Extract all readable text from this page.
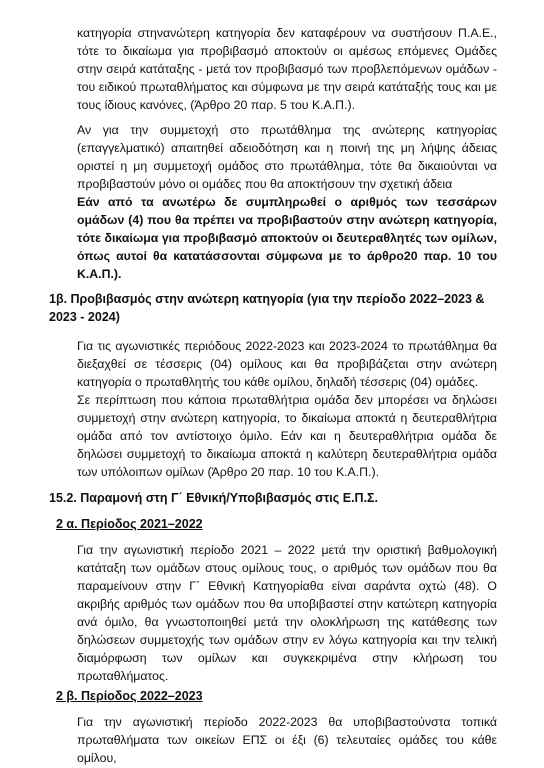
κατηγορία στηνανώτερη κατηγορία δεν καταφέρουν να συστήσουν Π.Α.Ε., τότε το δικαίωμα για προβιβασμό αποκτούν οι αμέσως επόμενες Ομάδες στην σειρά κατάταξης - μετά τον προβιβασμό των προβλεπόμενων ομάδων - του ειδικού πρωταθλήματος και σύμφωνα με την σειρά κατάταξής τους και με τους ίδιους κανόνες, (Άρθρο 20 παρ. 5 του Κ.Α.Π.).

Αν για την συμμετοχή στο πρωτάθλημα της ανώτερης κατηγορίας (επαγγελματικό) απαιτηθεί αδειοδότηση και η ποινή της μη λήψης άδειας οριστεί η μη συμμετοχή ομάδος στο πρωτάθλημα, τότε θα δικαιούνται να προβιβαστούν μόνο οι ομάδες που θα αποκτήσουν την σχετική άδεια

Εάν από τα ανωτέρω δε συμπληρωθεί ο αριθμός των τεσσάρων ομάδων (4) που θα πρέπει να προβιβαστούν στην ανώτερη κατηγορία, τότε δικαίωμα για προβιβασμό αποκτούν οι δευτεραθλητές των ομίλων, όπως αυτοί θα κατατάσσονται σύμφωνα με το άρθρο20 παρ. 10 του Κ.Α.Π.).

1β. Προβιβασμός στην ανώτερη κατηγορία (για την περίοδο 2022–2023 & 2023 - 2024)

Για τις αγωνιστικές περιόδους 2022-2023 και 2023-2024 το πρωτάθλημα θα διεξαχθεί σε τέσσερις (04) ομίλους και θα προβιβάζεται στην ανώτερη κατηγορία ο πρωταθλητής του κάθε ομίλου, δηλαδή τέσσερις (04) ομάδες.

Σε περίπτωση που κάποια πρωταθλήτρια ομάδα δεν μπορέσει να δηλώσει συμμετοχή στην ανώτερη κατηγορία, το δικαίωμα αποκτά η δευτεραθλήτρια ομάδα από τον αντίστοιχο όμιλο. Εάν και η δευτεραθλήτρια ομάδα δε δηλώσει συμμετοχή το δικαίωμα αποκτά η καλύτερη δευτεραθλήτρια ομάδα των υπόλοιπων ομίλων (Άρθρο 20 παρ. 10 του Κ.Α.Π.).

15.2. Παραμονή στη Γ΄ Εθνική/Υποβιβασμός στις Ε.Π.Σ.

2 α. Περίοδος 2021–2022

Για την αγωνιστική περίοδο 2021 – 2022 μετά την οριστική βαθμολογική κατάταξη των ομάδων στους ομίλους τους, ο αριθμός των ομάδων που θα παραμείνουν στην Γ΄ Εθνική Κατηγορίαθα είναι σαράντα οχτώ (48). Ο ακριβής αριθμός των ομάδων που θα υποβιβαστεί στην κατώτερη κατηγορία ανά όμιλο, θα γνωστοποιηθεί μετά την ολοκλήρωση της κατάθεσης των δηλώσεων συμμετοχής των ομάδων στην εν λόγω κατηγορία και την τελική διαμόρφωση των ομίλων και συγκεκριμένα στην κλήρωση του πρωταθλήματος.

2 β. Περίοδος 2022–2023

Για την αγωνιστική περίοδο 2022-2023 θα υποβιβαστούνστα τοπικά πρωταθλήματα των οικείων ΕΠΣ οι έξι (6) τελευταίες ομάδες του κάθε ομίλου,
